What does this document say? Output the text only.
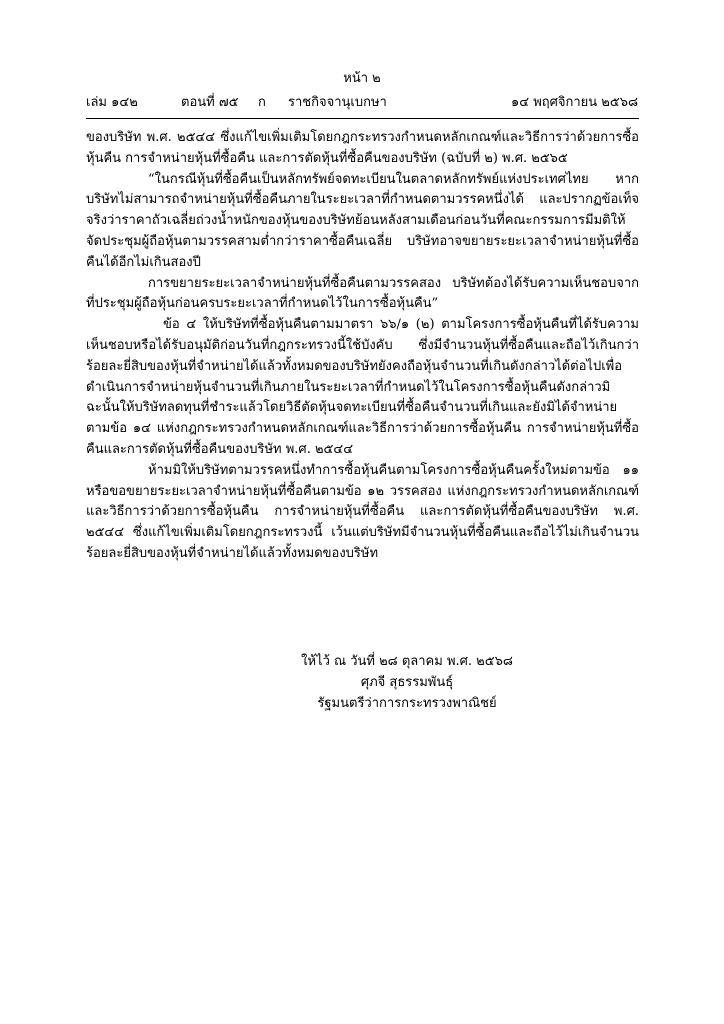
หน้า ๒
เล่ม ๑๔๒	ตอนที่ ๗๕ ก ราชกิจจานุเบกษา	๑๔ พฤศจิกายน ๒๕๖๘

ของบริษัท พ.ศ. ๒๕๔๔ ซึ่งแก้ไขเพิ่มเติมโดยกฎกระทรวงกำหนดหลักเกณฑ์และวิธีการว่าด้วยการซื้อหุ้นคืน การจำหน่ายหุ้นที่ซื้อคืน และการตัดหุ้นที่ซื้อคืนของบริษัท (ฉบับที่ ๒) พ.ศ. ๒๕๖๕

“ในกรณีหุ้นที่ซื้อคืนเป็นหลักทรัพย์จดทะเบียนในตลาดหลักทรัพย์แห่งประเทศไทย หากบริษัทไม่สามารถจำหน่ายหุ้นที่ซื้อคืนภายในระยะเวลาที่กำหนดตามวรรคหนึ่งได้ และปรากฏข้อเท็จจริงว่าราคาถัวเฉลี่ยถ่วงน้ำหนักของหุ้นของบริษัทย้อนหลังสามเดือนก่อนวันที่คณะกรรมการมีมติให้จัดประชุมผู้ถือหุ้นตามวรรคสามต่ำกว่าราคาซื้อคืนเฉลี่ย บริษัทอาจขยายระยะเวลาจำหน่ายหุ้นที่ซื้อคืนได้อีกไม่เกินสองปี

การขยายระยะเวลาจำหน่ายหุ้นที่ซื้อคืนตามวรรคสอง บริษัทต้องได้รับความเห็นชอบจากที่ประชุมผู้ถือหุ้นก่อนครบระยะเวลาที่กำหนดไว้ในการซื้อหุ้นคืน”

ข้อ ๔ ให้บริษัทที่ซื้อหุ้นคืนตามมาตรา ๖๖/๑ (๒) ตามโครงการซื้อหุ้นคืนที่ได้รับความเห็นชอบหรือได้รับอนุมัติก่อนวันที่กฎกระทรวงนี้ใช้บังคับ ซึ่งมีจำนวนหุ้นที่ซื้อคืนและถือไว้เกินกว่าร้อยละยี่สิบของหุ้นที่จำหน่ายได้แล้วทั้งหมดของบริษัทยังคงถือหุ้นจำนวนที่เกินดังกล่าวได้ต่อไปเพื่อดำเนินการจำหน่ายหุ้นจำนวนที่เกินภายในระยะเวลาที่กำหนดไว้ในโครงการซื้อหุ้นคืนดังกล่าวมิฉะนั้นให้บริษัทลดทุนที่ชำระแล้วโดยวิธีตัดหุ้นจดทะเบียนที่ซื้อคืนจำนวนที่เกินและยังมิได้จำหน่ายตามข้อ ๑๔ แห่งกฎกระทรวงกำหนดหลักเกณฑ์และวิธีการว่าด้วยการซื้อหุ้นคืน การจำหน่ายหุ้นที่ซื้อคืนและการตัดหุ้นที่ซื้อคืนของบริษัท พ.ศ. ๒๕๔๔

ห้ามมิให้บริษัทตามวรรคหนึ่งทำการซื้อหุ้นคืนตามโครงการซื้อหุ้นคืนครั้งใหม่ตามข้อ ๑๑ หรือขอขยายระยะเวลาจำหน่ายหุ้นที่ซื้อคืนตามข้อ ๑๒ วรรคสอง แห่งกฎกระทรวงกำหนดหลักเกณฑ์และวิธีการว่าด้วยการซื้อหุ้นคืน การจำหน่ายหุ้นที่ซื้อคืน และการตัดหุ้นที่ซื้อคืนของบริษัท พ.ศ. ๒๕๔๔ ซึ่งแก้ไขเพิ่มเติมโดยกฎกระทรวงนี้ เว้นแต่บริษัทมีจำนวนหุ้นที่ซื้อคืนและถือไว้ไม่เกินจำนวนร้อยละยี่สิบของหุ้นที่จำหน่ายได้แล้วทั้งหมดของบริษัท

ให้ไว้ ณ วันที่ ๒๘ ตุลาคม พ.ศ. ๒๕๖๘
ศุภจี สุธรรมพันธุ์
รัฐมนตรีว่าการกระทรวงพาณิชย์
